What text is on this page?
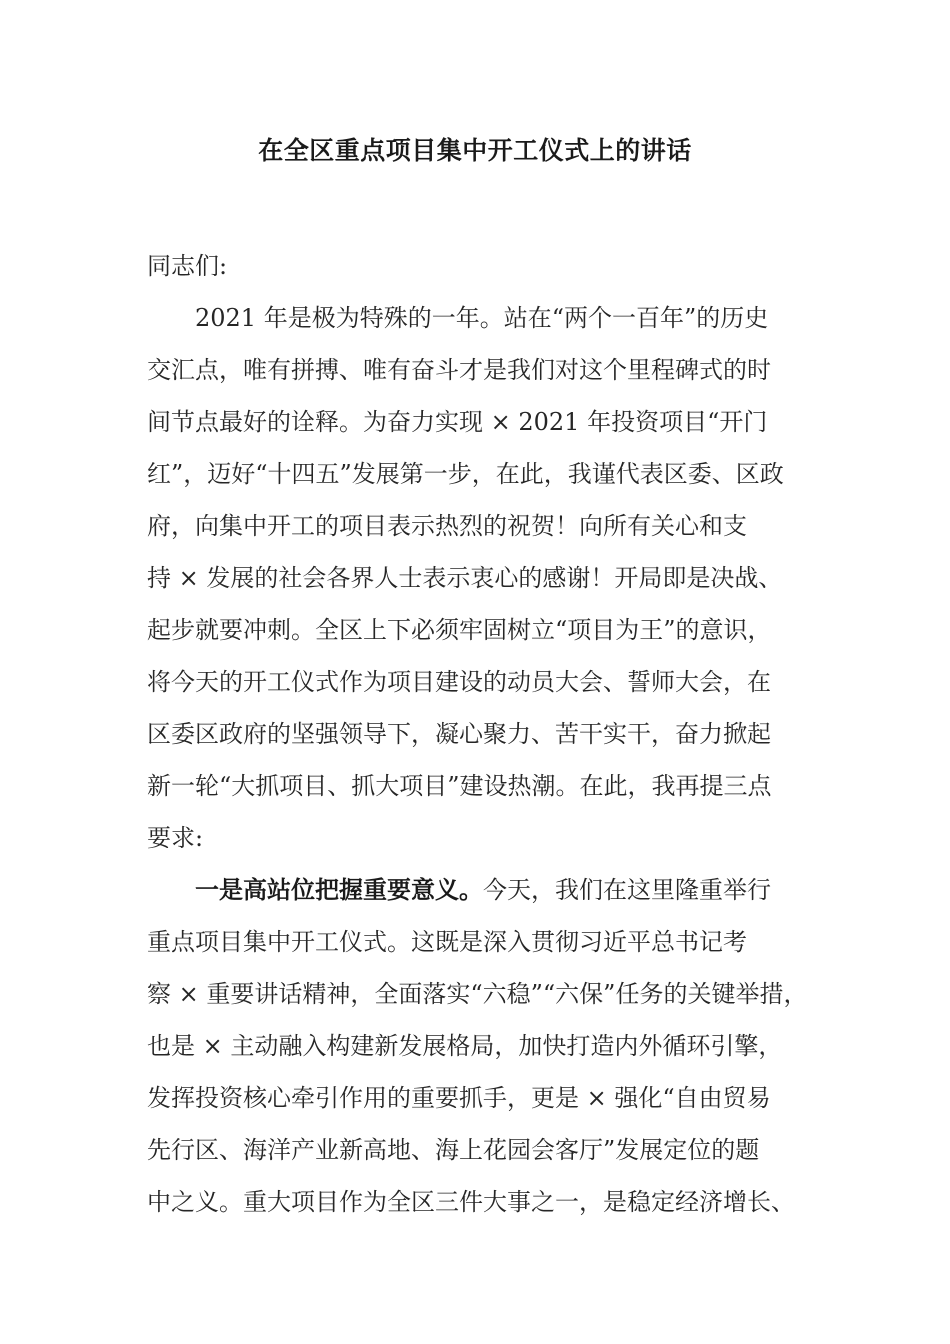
在全区重点项目集中开工仪式上的讲话
同志们:
2021 年是极为特殊的一年。站在“两个一百年”的历史
交汇点，唯有拼搏、唯有奋斗才是我们对这个里程碑式的时
间节点最好的诠释。为奋力实现 × 2021 年投资项目“开门
红”，迈好“十四五”发展第一步，在此，我谨代表区委、区政
府，向集中开工的项目表示热烈的祝贺！向所有关心和支
持 × 发展的社会各界人士表示衷心的感谢！开局即是决战、
起步就要冲刺。全区上下必须牢固树立“项目为王”的意识，
将今天的开工仪式作为项目建设的动员大会、誓师大会，在
区委区政府的坚强领导下，凝心聚力、苦干实干，奋力掀起
新一轮“大抓项目、抓大项目”建设热潮。在此，我再提三点
要求:
一是高站位把握重要意义。今天，我们在这里隆重举行
重点项目集中开工仪式。这既是深入贯彻习近平总书记考
察 × 重要讲话精神，全面落实“六稳”“六保”任务的关键举措，
也是 × 主动融入构建新发展格局，加快打造内外循环引擎，
发挥投资核心牵引作用的重要抓手，更是 × 强化“自由贸易
先行区、海洋产业新高地、海上花园会客厅”发展定位的题
中之义。重大项目作为全区三件大事之一，是稳定经济增长、
